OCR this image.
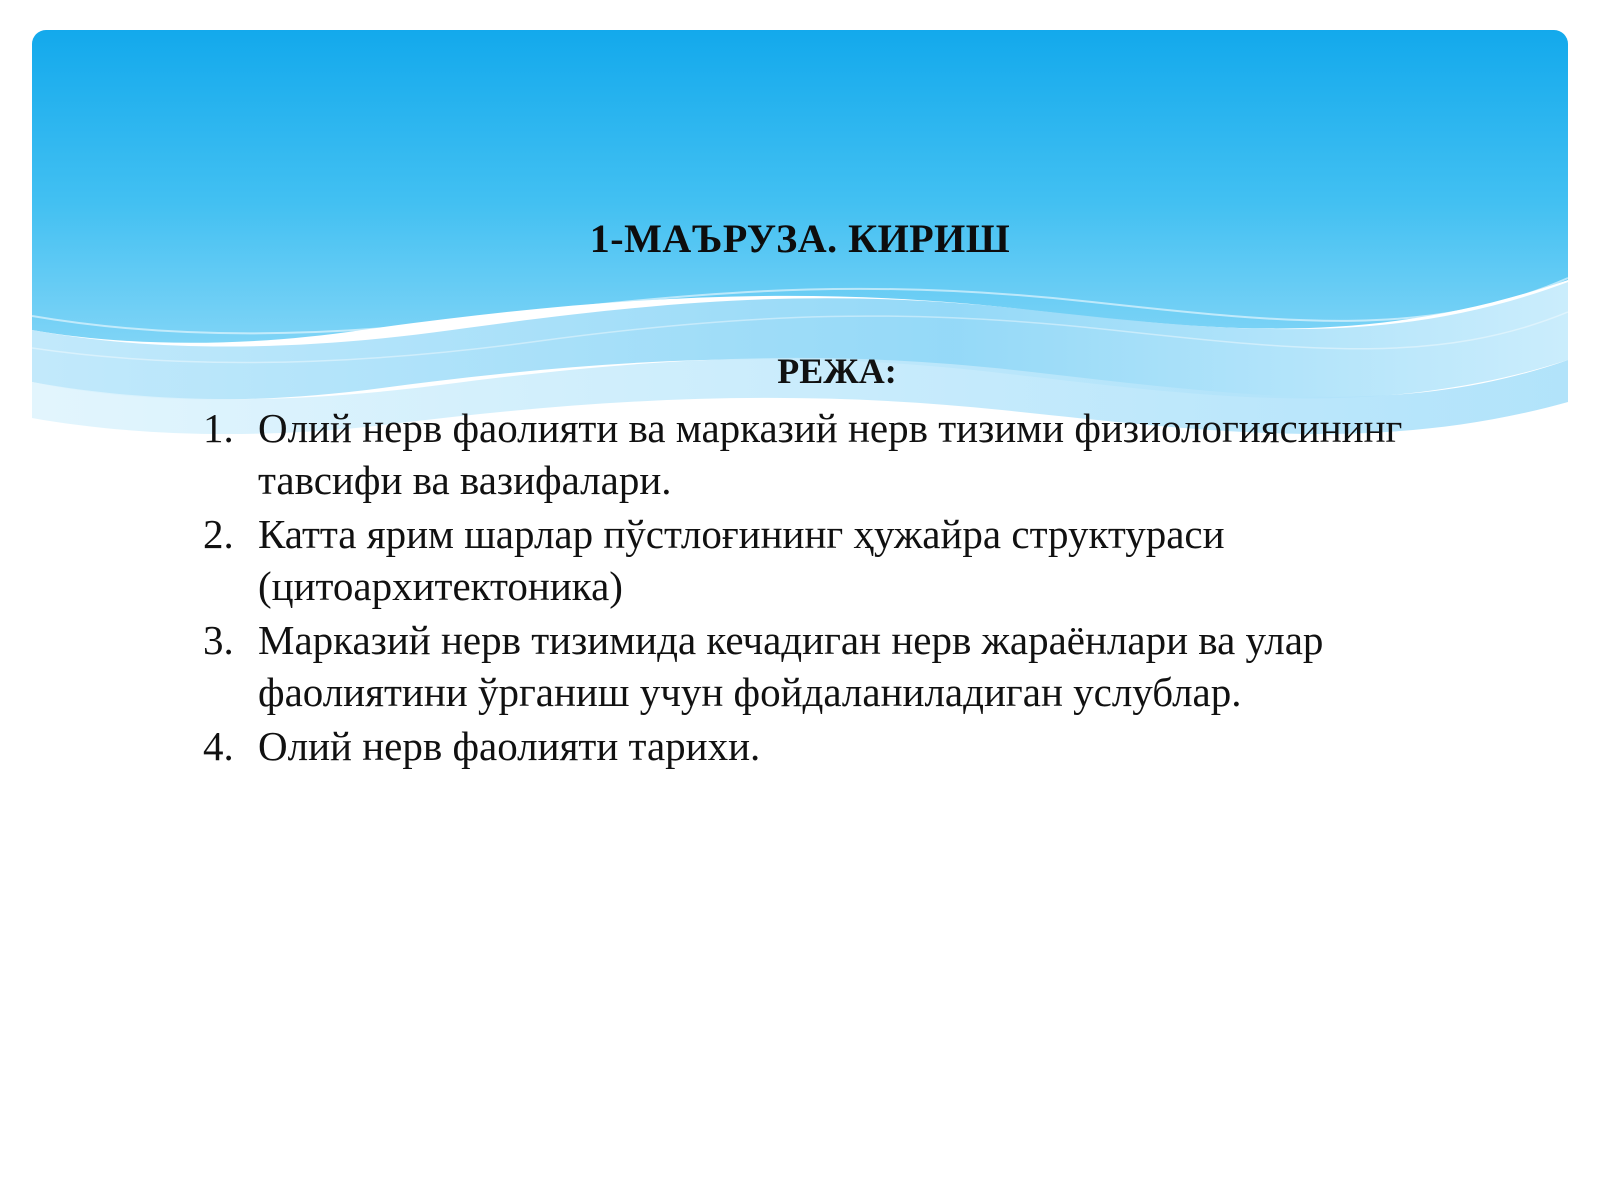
1-МАЪРУЗА. КИРИШ
РЕЖА:
1. Олий нерв фаолияти ва марказий нерв тизими физиологиясининг тавсифи ва вазифалари.
2. Катта ярим шарлар пўстлоғининг ҳужайра структураси (цитоархитектоника)
3. Марказий нерв тизимида кечадиган нерв жараёнлари ва улар фаолиятини ўрганиш учун фойдаланиладиган услублар.
4. Олий нерв фаолияти тарихи.
